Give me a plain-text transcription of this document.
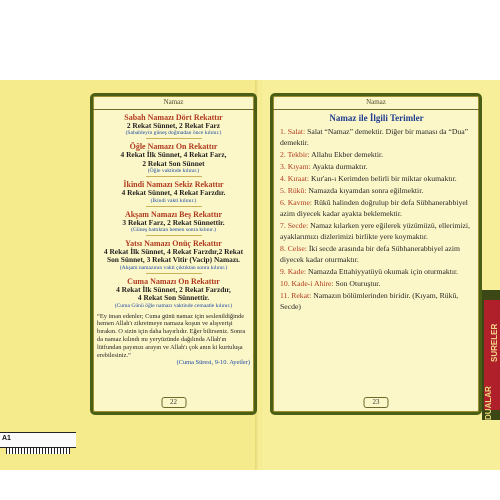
Namaz
Sabah Namazı Dört Rekattır
2 Rekat Sünnet, 2 Rekat Farz
(Sabahleyin güneş doğmadan önce kılınır.)
Öğle Namazı On Rekattır
4 Rekat İlk Sünnet, 4 Rekat Farz,
2 Rekat Son Sünnet
(Öğle vaktinde kılınır.)
İkindi Namazı Sekiz Rekattır
4 Rekat Sünnet, 4 Rekat Farzdır.
(İkindi vakti kılınır.)
Akşam Namazı Beş Rekattır
3 Rekat Farz, 2 Rekat Sünnettir.
(Güneş battıktan hemen sonra kılınır.)
Yatsı Namazı Onüç Rekattır
4 Rekat İlk Sünnet, 4 Rekat Farzdır,2 Rekat
Son Sünnet, 3 Rekat Vitir (Vacip) Namazı.
(Akşam namazının vakti çıktıktan sonra kılınır.)
Cuma Namazı On Rekattır
4 Rekat İlk Sünnet, 2 Rekat Farzdır,
4 Rekat Son Sünnettir.
(Cuma Günü öğle namazı vaktinde cemaatle kılınır.)
“Ey iman edenler; Cuma günü namaz için seslenildiğinde hemen Allah'ı zikretmeye namaza koşun ve alışverişi bırakın. O sizin için daha hayırlıdır. Eğer bilirseniz. Sonra da namaz kılındı mı yeryüzünde dağılında Allah'ın lütfundan payınızı arayın ve Allah'ı çok anın ki kurtuluşa erebilesiniz.”
(Cuma Süresi, 9-10. Ayetler)
22
Namaz
Namaz ile İlgili Terimler
1. Salat: Salat “Namaz” demektir. Diğer bir manası da “Dua” demektir.
2. Tekbir: Allahu Ekber demektir.
3. Kıyam: Ayakta durmaktır.
4. Kıraat: Kur'an-ı Kerimden belirli bir miktar okumaktır.
5. Rükû: Namazda kıyamdan sonra eğilmektir.
6. Kavme: Rükû halinden doğrulup bir defa Sübhanerabbiyel azim diyecek kadar ayakta beklemektir.
7. Secde: Namaz kılarken yere eğilerek yüzümüzü, ellerimizi, ayaklarımızı dizlerimizi birlikte yere koymaktır.
8. Celse: İki secde arasında bir defa Sübhanerabbiyel azim diyecek kadar oturmaktır.
9. Kade: Namazda Ettahiyyatüyü okumak için oturmaktır.
10. Kade-i Ahire: Son Oturuştur.
11. Rekat: Namazın bölümlerinden biridir. (Kıyam, Rükû, Secde)
23
A1
DUALAR
SURELER
